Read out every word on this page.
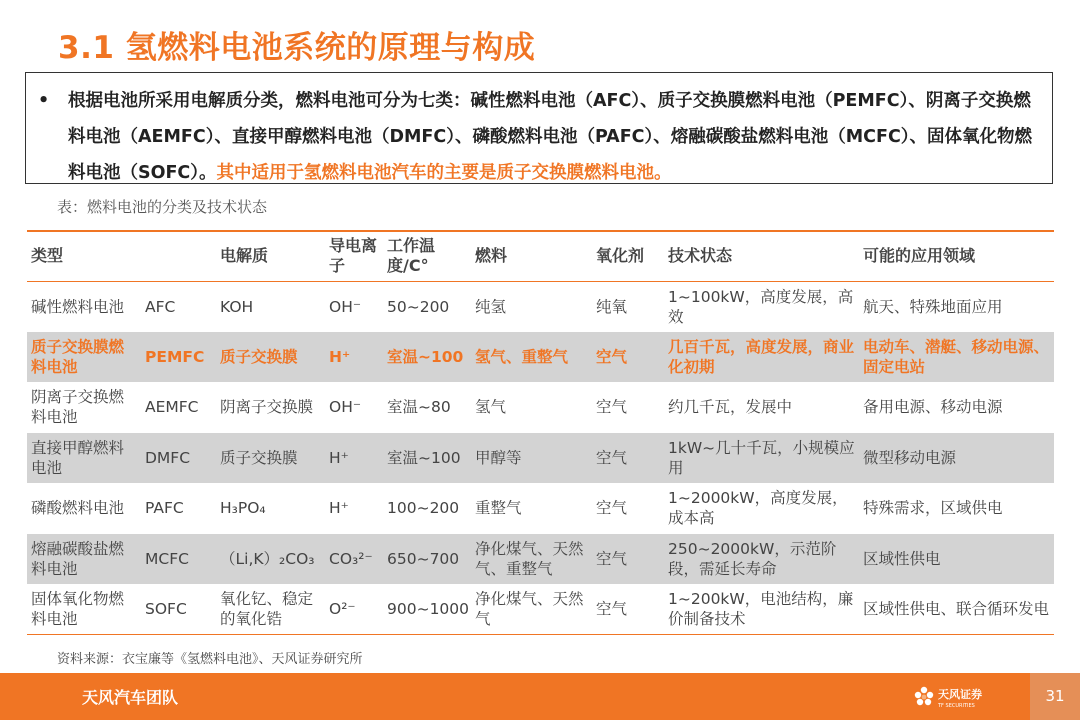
3.1 氢燃料电池系统的原理与构成
• 根据电池所采用电解质分类，燃料电池可分为七类：碱性燃料电池（AFC）、质子交换膜燃料电池（PEMFC）、阴离子交换燃料电池（AEMFC）、直接甲醇燃料电池（DMFC）、磷酸燃料电池（PAFC）、熔融碳酸盐燃料电池（MCFC）、固体氧化物燃料电池（SOFC）。其中适用于氢燃料电池汽车的主要是质子交换膜燃料电池。
表：燃料电池的分类及技术状态
类型		电解质	导电离子	工作温度/C°	燃料	氧化剂	技术状态	可能的应用领域
碱性燃料电池	AFC	KOH	OH⁻	50~200	纯氢	纯氧	1~100kW，高度发展，高效	航天、特殊地面应用
质子交换膜燃料电池	PEMFC	质子交换膜	H⁺	室温~100	氢气、重整气	空气	几百千瓦，高度发展，商业化初期	电动车、潜艇、移动电源、固定电站
阴离子交换燃料电池	AEMFC	阴离子交换膜	OH⁻	室温~80	氢气	空气	约几千瓦，发展中	备用电源、移动电源
直接甲醇燃料电池	DMFC	质子交换膜	H⁺	室温~100	甲醇等	空气	1kW~几十千瓦，小规模应用	微型移动电源
磷酸燃料电池	PAFC	H₃PO₄	H⁺	100~200	重整气	空气	1~2000kW，高度发展，成本高	特殊需求，区域供电
熔融碳酸盐燃料电池	MCFC	（Li,K）₂CO₃	CO₃²⁻	650~700	净化煤气、天然气、重整气	空气	250~2000kW，示范阶段，需延长寿命	区域性供电
固体氧化物燃料电池	SOFC	氧化钇、稳定的氧化锆	O²⁻	900~1000	净化煤气、天然气	空气	1~200kW，电池结构，廉价制备技术	区域性供电、联合循环发电
资料来源：衣宝廉等《氢燃料电池》、天风证券研究所
天风汽车团队	天风证券
TF SECURITIES
31
